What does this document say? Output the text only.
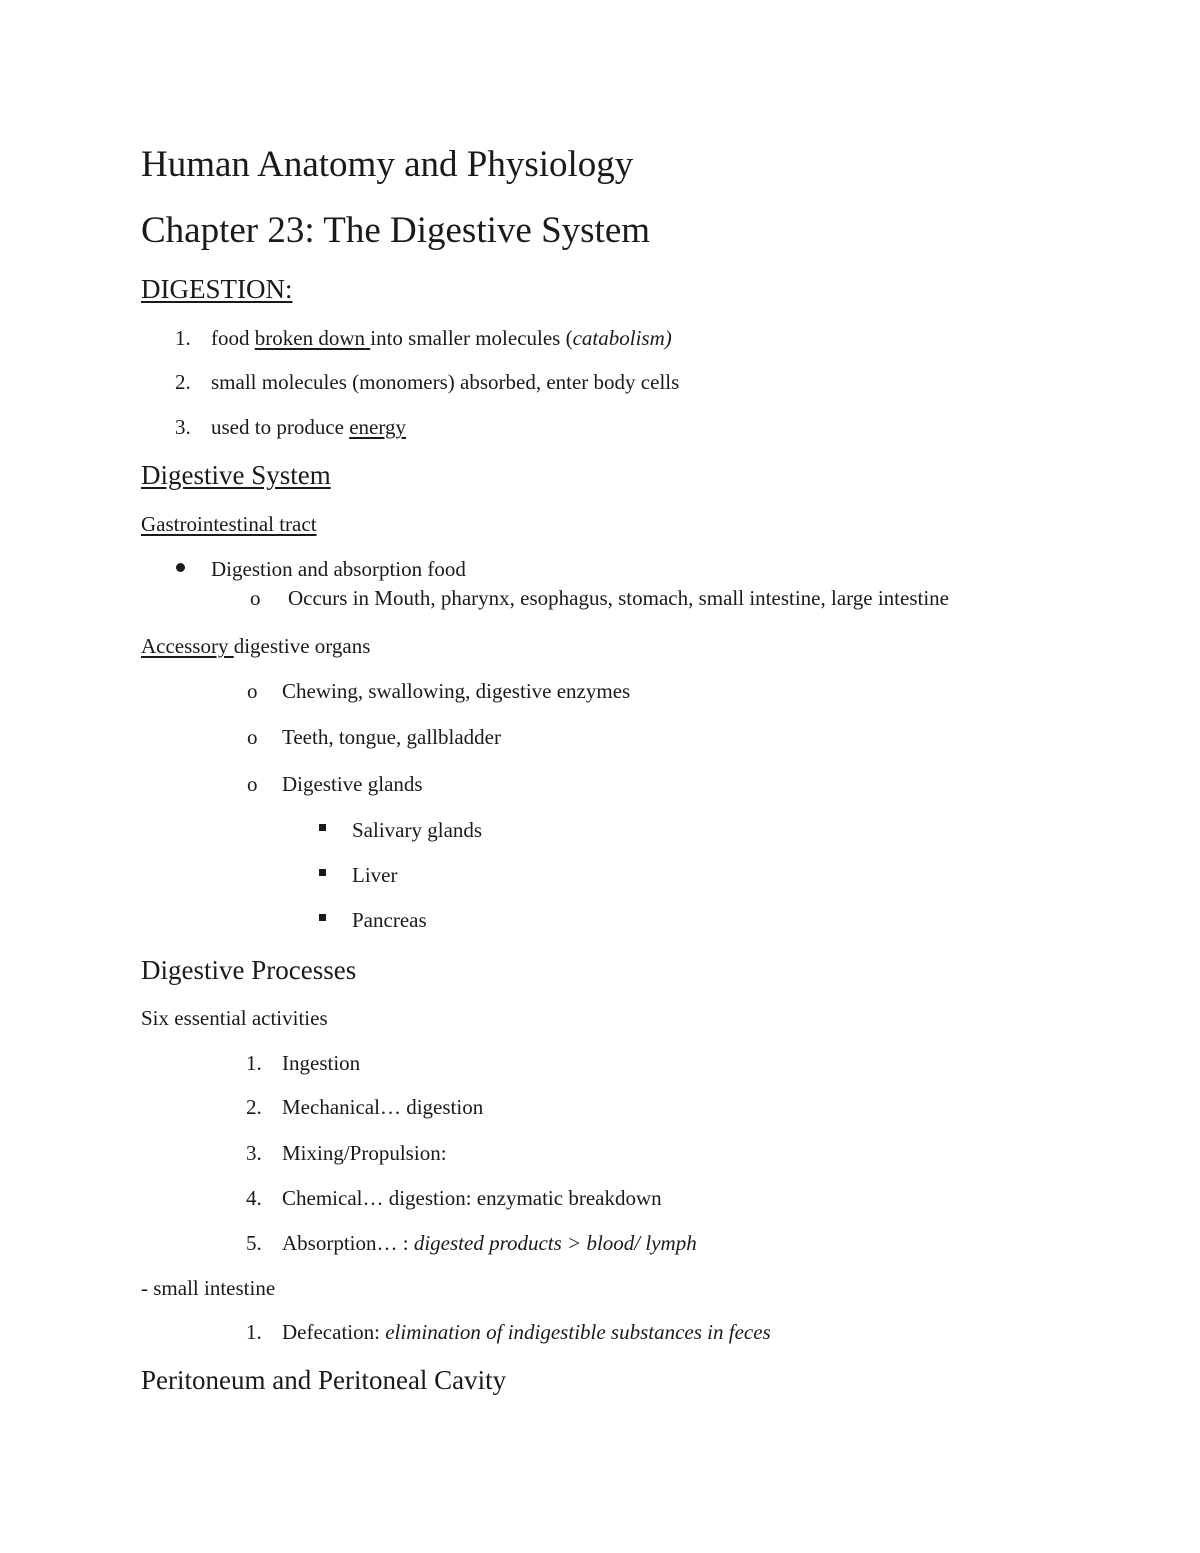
Human Anatomy and Physiology
Chapter 23: The Digestive System
DIGESTION:
1. food broken down into smaller molecules (catabolism)
2. small molecules (monomers) absorbed, enter body cells
3. used to produce energy
Digestive System
Gastrointestinal tract
Digestion and absorption food
o Occurs in Mouth, pharynx, esophagus, stomach, small intestine, large intestine
Accessory digestive organs
o Chewing, swallowing, digestive enzymes
o Teeth, tongue, gallbladder
o Digestive glands
Salivary glands
Liver
Pancreas
Digestive Processes
Six essential activities
1. Ingestion
2. Mechanical… digestion
3. Mixing/Propulsion:
4. Chemical… digestion: enzymatic breakdown
5. Absorption… : digested products > blood/ lymph
- small intestine
1. Defecation: elimination of indigestible substances in feces
Peritoneum and Peritoneal Cavity
